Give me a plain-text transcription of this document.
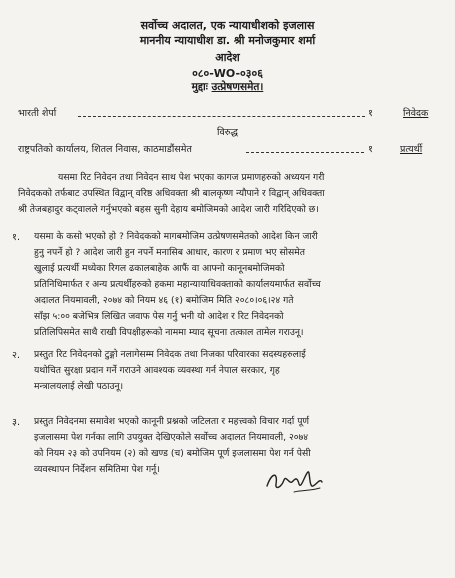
सर्वोच्च अदालत, एक न्यायाधीशको इजलास
माननीय न्यायाधीश डा. श्री मनोजकुमार शर्मा
आदेश
०८०-WO-०३०६
मुद्दाः उत्प्रेषणसमेत।
भारती शेर्पा	१	निवेदक
विरुद्ध
राष्ट्रपतिको कार्यालय, शितल निवास, काठमाडौंसमेत	१	प्रत्यर्थी
यसमा रिट निवेदन तथा निवेदन साथ पेश भएका कागज प्रमाणहरुको अध्ययन गरी
निवेदकको तर्फबाट उपस्थित विद्वान् वरिष्ठ अधिवक्ता श्री बालकृष्ण न्यौपाने र विद्वान् अधिवक्ता
श्री तेजबहादुर कट्वालले गर्नुभएको बहस सुनी देहाय बमोजिमको आदेश जारी गरिदिएको छ।
१. यसमा के कसो भएको हो ? निवेदकको मागबमोजिम उत्प्रेषणसमेतको आदेश किन जारी
हुनु नपर्ने हो ? आदेश जारी हुन नपर्ने मनासिब आधार, कारण र प्रमाण भए सोसमेत
खुलाई प्रत्यर्थी मध्येका रिगल ढकालबाहेक आफैं वा आफ्नो कानूनबमोजिमको
प्रतिनिधिमार्फत र अन्य प्रत्यर्थीहरुको हकमा महान्यायाधिवक्ताको कार्यालयमार्फत सर्वोच्च
अदालत नियमावली, २०७४ को नियम ४६ (१) बमोजिम मिति २०८०।०६।२४ गते
साँझ ५:०० बजेभित्र लिखित जवाफ पेस गर्नु भनी यो आदेश र रिट निवेदनको
प्रतिलिपिसमेत साथै राखी विपक्षीहरूको नाममा म्याद सूचना तत्काल तामेल गराउनू।
२. प्रस्तुत रिट निवेदनको टुङ्गो नलागेसम्म निवेदक तथा निजका परिवारका सदस्यहरुलाई
यथोचित सुरक्षा प्रदान गर्ने गराउने आवश्यक व्यवस्था गर्न नेपाल सरकार, गृह
मन्त्रालयलाई लेखी पठाउनू।
३. प्रस्तुत निवेदनमा समावेश भएको कानूनी प्रश्नको जटिलता र महत्त्वको विचार गर्दा पूर्ण
इजलासमा पेश गर्नका लागि उपयुक्त देखिएकोले सर्वोच्च अदालत नियमावली, २०७४
को नियम २३ को उपनियम (२) को खण्ड (च) बमोजिम पूर्ण इजलासमा पेश गर्न पेसी
व्यवस्थापन निर्देशन समितिमा पेश गर्नू।
